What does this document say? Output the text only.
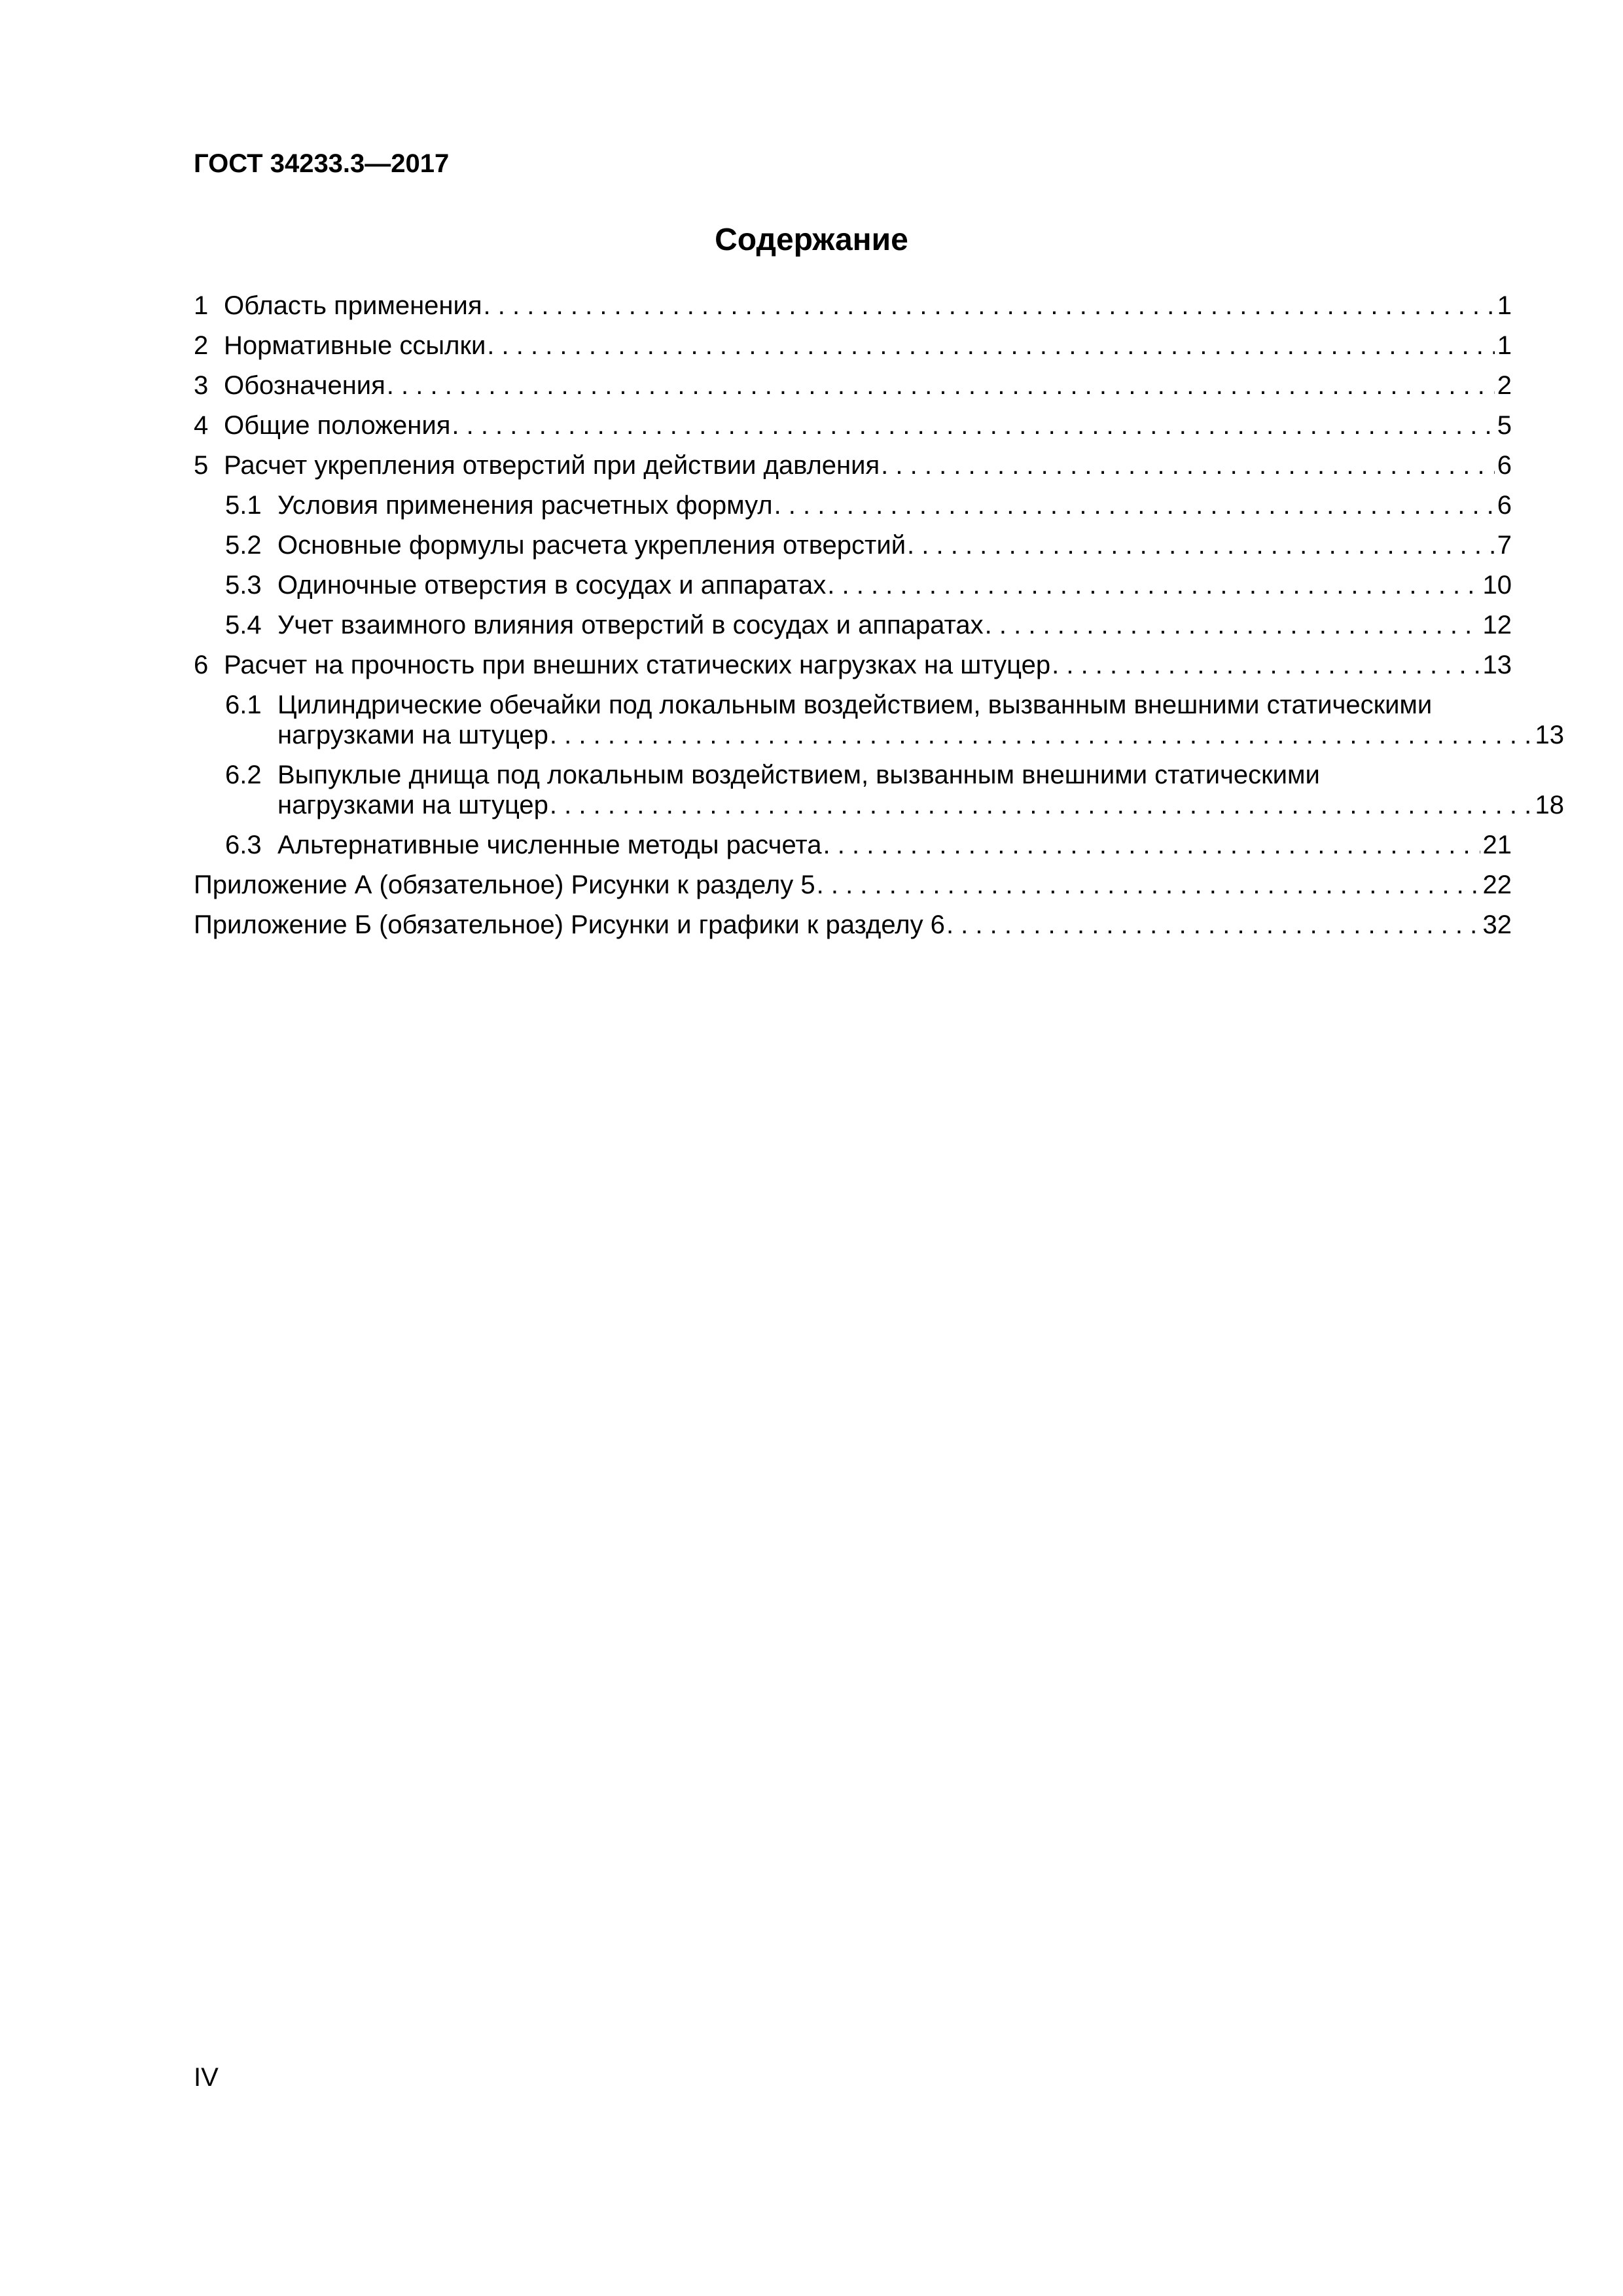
ГОСТ 34233.3—2017
Содержание
1 Область применения . . .	1
2 Нормативные ссылки . . .	1
3 Обозначения . . .	2
4 Общие положения . . .	5
5 Расчет укрепления отверстий при действии давления . . .	6
5.1 Условия применения расчетных формул . . .	6
5.2 Основные формулы расчета укрепления отверстий . . .	7
5.3 Одиночные отверстия в сосудах и аппаратах . . .	10
5.4 Учет взаимного влияния отверстий в сосудах и аппаратах . . .	12
6 Расчет на прочность при внешних статических нагрузках на штуцер . . .	13
6.1 Цилиндрические обечайки под локальным воздействием, вызванным внешними статическими
нагрузками на штуцер . . .	13
6.2 Выпуклые днища под локальным воздействием, вызванным внешними статическими
нагрузками на штуцер . . .	18
6.3 Альтернативные численные методы расчета . . .	21
Приложение А (обязательное) Рисунки к разделу 5 . . .	22
Приложение Б (обязательное) Рисунки и графики к разделу 6 . . .	32
IV
